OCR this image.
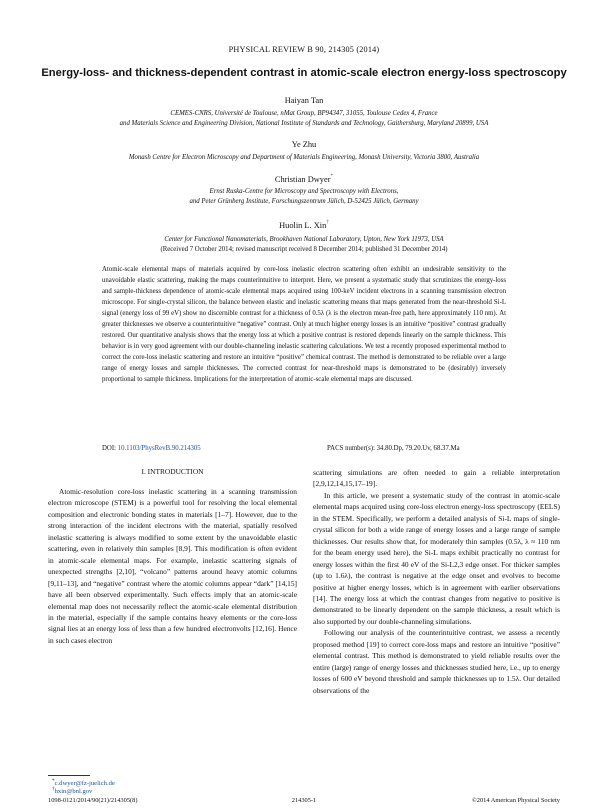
PHYSICAL REVIEW B 90, 214305 (2014)
Energy-loss- and thickness-dependent contrast in atomic-scale electron energy-loss spectroscopy
Haiyan Tan
CEMES-CNRS, Université de Toulouse, nMat Group, BP94347, 31055, Toulouse Cedex 4, France
and Materials Science and Engineering Division, National Institute of Standards and Technology, Gaithersburg, Maryland 20899, USA
Ye Zhu
Monash Centre for Electron Microscopy and Department of Materials Engineering, Monash University, Victoria 3800, Australia
Christian Dwyer*
Ernst Ruska-Centre for Microscopy and Spectroscopy with Electrons,
and Peter Grünberg Institute, Forschungszentrum Jülich, D-52425 Jülich, Germany
Huolin L. Xin†
Center for Functional Nanomaterials, Brookhaven National Laboratory, Upton, New York 11973, USA
(Received 7 October 2014; revised manuscript received 8 December 2014; published 31 December 2014)
Atomic-scale elemental maps of materials acquired by core-loss inelastic electron scattering often exhibit an undesirable sensitivity to the unavoidable elastic scattering, making the maps counterintuitive to interpret. Here, we present a systematic study that scrutinizes the energy-loss and sample-thickness dependence of atomic-scale elemental maps acquired using 100-keV incident electrons in a scanning transmission electron microscope. For single-crystal silicon, the balance between elastic and inelastic scattering means that maps generated from the near-threshold Si-L signal (energy loss of 99 eV) show no discernible contrast for a thickness of 0.5λ (λ is the electron mean-free path, here approximately 110 nm). At greater thicknesses we observe a counterintuitive “negative” contrast. Only at much higher energy losses is an intuitive “positive” contrast gradually restored. Our quantitative analysis shows that the energy loss at which a positive contrast is restored depends linearly on the sample thickness. This behavior is in very good agreement with our double-channeling inelastic scattering calculations. We test a recently proposed experimental method to correct the core-loss inelastic scattering and restore an intuitive “positive” chemical contrast. The method is demonstrated to be reliable over a large range of energy losses and sample thicknesses. The corrected contrast for near-threshold maps is demonstrated to be (desirably) inversely proportional to sample thickness. Implications for the interpretation of atomic-scale elemental maps are discussed.
DOI: 10.1103/PhysRevB.90.214305	PACS number(s): 34.80.Dp, 79.20.Uv, 68.37.Ma
I. INTRODUCTION

Atomic-resolution core-loss inelastic scattering in a scanning transmission electron microscope (STEM) is a powerful tool for resolving the local elemental composition and electronic bonding states in materials [1–7]. However, due to the strong interaction of the incident electrons with the material, spatially resolved inelastic scattering is always modified to some extent by the unavoidable elastic scattering, even in relatively thin samples [8,9]. This modification is often evident in atomic-scale elemental maps. For example, inelastic scattering signals of unexpected strengths [2,10], “volcano” patterns around heavy atomic columns [9,11–13], and “negative” contrast where the atomic columns appear “dark” [14,15] have all been observed experimentally. Such effects imply that an atomic-scale elemental map does not necessarily reflect the atomic-scale elemental distribution in the material, especially if the sample contains heavy elements or the core-loss signal lies at an energy loss of less than a few hundred electronvolts [12,16]. Hence in such cases electron

scattering simulations are often needed to gain a reliable interpretation [2,9,12,14,15,17–19].

In this article, we present a systematic study of the contrast in atomic-scale elemental maps acquired using core-loss electron energy-loss spectroscopy (EELS) in the STEM. Specifically, we perform a detailed analysis of Si-L maps of single-crystal silicon for both a wide range of energy losses and a large range of sample thicknesses. Our results show that, for moderately thin samples (0.5λ, λ ≈ 110 nm for the beam energy used here), the Si-L maps exhibit practically no contrast for energy losses within the first 40 eV of the Si-L2,3 edge onset. For thicker samples (up to 1.6λ), the contrast is negative at the edge onset and evolves to become positive at higher energy losses, which is in agreement with earlier observations [14]. The energy loss at which the contrast changes from negative to positive is demonstrated to be linearly dependent on the sample thickness, a result which is also supported by our double-channeling simulations.

Following our analysis of the counterintuitive contrast, we assess a recently proposed method [19] to correct core-loss maps and restore an intuitive “positive” elemental contrast. This method is demonstrated to yield reliable results over the entire (large) range of energy losses and thicknesses studied here, i.e., up to energy losses of 600 eV beyond threshold and sample thicknesses up to 1.5λ. Our detailed observations of the

*c.dwyer@fz-juelich.de
†hxin@bnl.gov
1098-0121/2014/90(21)/214305(8)	214305-1	©2014 American Physical Society
